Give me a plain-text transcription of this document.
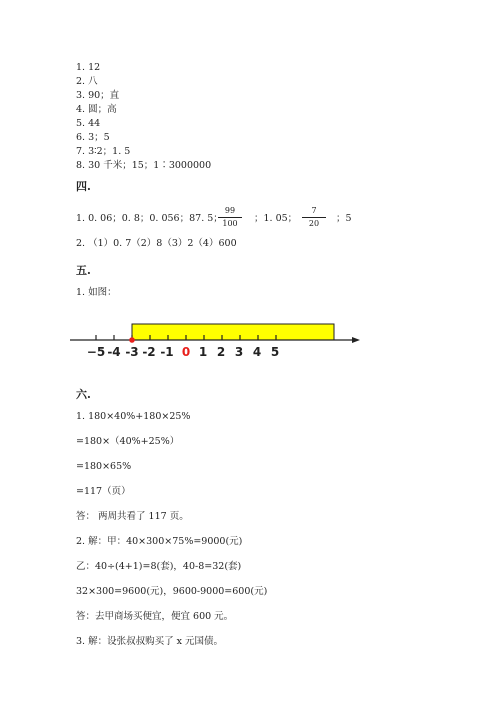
1. 12
2. 八
3. 90；直
4. 圆；高
5. 44
6. 3；5
7. 3∶2；1. 5
8. 30 千米；15；1∶3000000
四.
1. 0. 06；0. 8；0. 056；87. 5；
$\frac{99}{100}$ ；1. 05； $\frac{7}{20}$ ；5
2. （1）0. 7（2）8（3）2（4）600
五.
1. 如图：
−5 -4 -3 -2 -1 0 1 2 3 4 5
六.
1. 180×40%+180×25%
=180×（40%+25%）
=180×65%
=117（页）
答： 两周共看了 117 页。
2. 解：甲：40×300×75%=9000(元)
乙：40÷(4+1)=8(套)，40-8=32(套)
32×300=9600(元)，9600-9000=600(元)
答：去甲商场买便宜，便宜 600 元。
3. 解：设张叔叔购买了 x 元国债。
